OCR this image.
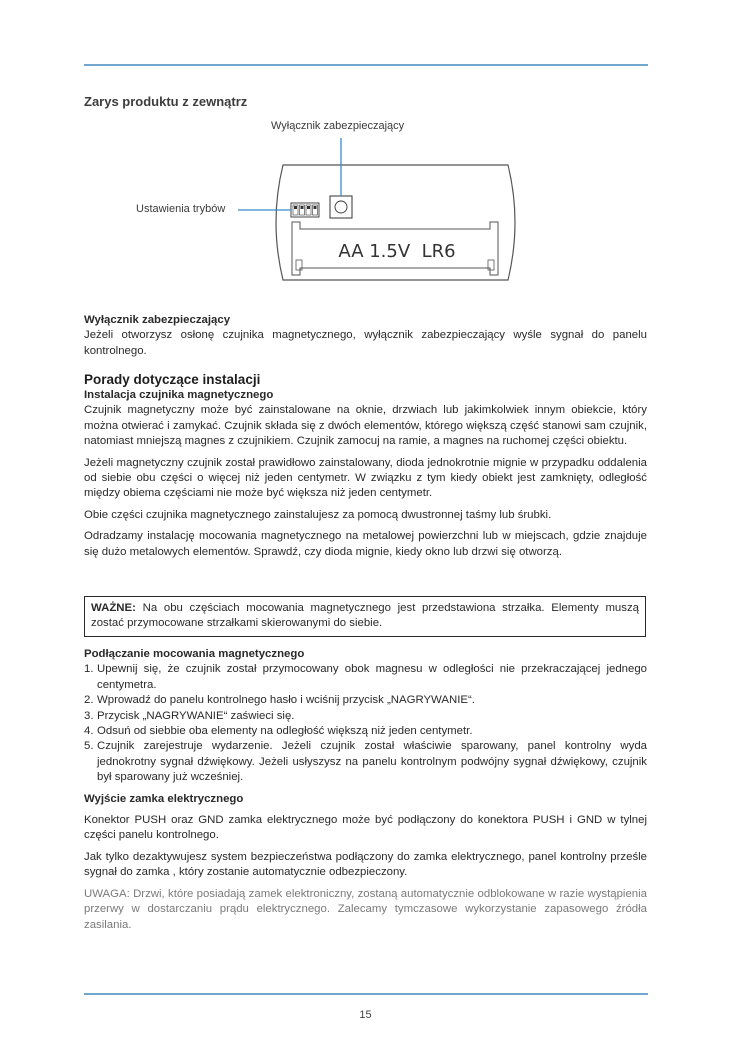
Zarys produktu z zewnątrz
Wyłącznik zabezpieczający
Ustawienia trybów
AA 1.5V  LR6
Wyłącznik zabezpieczający

Jeżeli otworzysz osłonę czujnika magnetycznego, wyłącznik zabezpieczający wyśle sygnał do panelu kontrolnego.

Porady dotyczące instalacji
Instalacja czujnika magnetycznego

Czujnik magnetyczny może być zainstalowane na oknie, drzwiach lub jakimkolwiek innym obiekcie, który można otwierać i zamykać. Czujnik składa się z dwóch elementów, którego większą część stanowi sam czujnik, natomiast mniejszą magnes z czujnikiem. Czujnik zamocuj na ramie, a magnes na ruchomej części obiektu.

Jeżeli magnetyczny czujnik został prawidłowo zainstalowany, dioda jednokrotnie mignie w przypadku oddalenia od siebie obu części o więcej niż jeden centymetr. W związku z tym kiedy obiekt jest zamknięty, odległość między obiema częściami nie może być większa niż jeden centymetr.

Obie części czujnika magnetycznego zainstalujesz za pomocą dwustronnej taśmy lub śrubki.

Odradzamy instalację mocowania magnetycznego na metalowej powierzchni lub w miejscach, gdzie znajduje się dużo metalowych elementów. Sprawdź, czy dioda mignie, kiedy okno lub drzwi się otworzą.

WAŻNE: Na obu częściach mocowania magnetycznego jest przedstawiona strzałka. Elementy muszą zostać przymocowane strzałkami skierowanymi do siebie.
Podłączanie mocowania magnetycznego
1. Upewnij się, że czujnik został przymocowany obok magnesu w odległości nie przekraczającej jednego centymetra.
2. Wprowadź do panelu kontrolnego hasło i wciśnij przycisk „NAGRYWANIE“.
3. Przycisk „NAGRYWANIE“ zaświeci się.
4. Odsuń od siebbie oba elementy na odległość większą niż jeden centymetr.
5. Czujnik zarejestruje wydarzenie. Jeżeli czujnik został właściwie sparowany, panel kontrolny wyda jednokrotny sygnał dźwiękowy. Jeżeli usłyszysz na panelu kontrolnym podwójny sygnał dźwiękowy, czujnik był sparowany już wcześniej.
Wyjście zamka elektrycznego

Konektor PUSH oraz GND zamka elektrycznego może być podłączony do konektora PUSH i GND w tylnej części panelu kontrolnego.

Jak tylko dezaktywujesz system bezpieczeństwa podłączony do zamka elektrycznego, panel kontrolny prześle sygnał do zamka , który zostanie automatycznie odbezpieczony.

UWAGA: Drzwi, które posiadają zamek elektroniczny, zostaną automatycznie odblokowane w razie wystąpienia przerwy w dostarczaniu prądu elektrycznego. Zalecamy tymczasowe wykorzystanie zapasowego źródła zasilania.

15
